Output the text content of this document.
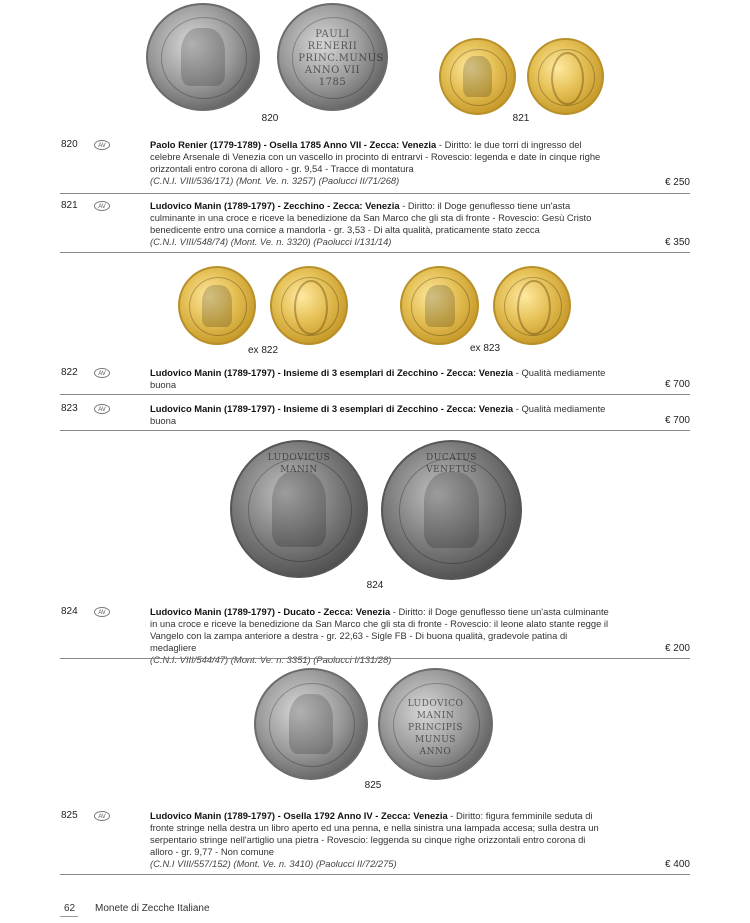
PAULI
RENERII
PRINC.MUNUS
ANNO VII
1785
820	821
820	AV	Paolo Renier (1779-1789) - Osella 1785 Anno VII - Zecca: Venezia - Diritto: le due torri di ingresso del celebre Arsenale di Venezia con un vascello in procinto di entrarvi - Rovescio: legenda e date in cinque righe orizzontali entro corona di alloro - gr. 9,54 - Tracce di montatura
(C.N.I. VIII/536/171) (Mont. Ve. n. 3257) (Paolucci II/71/268)	€ 250
821	AV	Ludovico Manin (1789-1797) - Zecchino - Zecca: Venezia - Diritto: il Doge genuflesso tiene un'asta culminante in una croce e riceve la benedizione da San Marco che gli sta di fronte - Rovescio: Gesù Cristo benedicente entro una cornice a mandorla - gr. 3,53 - Di alta qualità, praticamente stato zecca
(C.N.I. VIII/548/74) (Mont. Ve. n. 3320) (Paolucci I/131/14)	€ 350
ex 822	ex 823
822	AV	Ludovico Manin (1789-1797) - Insieme di 3 esemplari di Zecchino - Zecca: Venezia - Qualità mediamente buona	€ 700
823	AV	Ludovico Manin (1789-1797) - Insieme di 3 esemplari di Zecchino - Zecca: Venezia - Qualità mediamente buona	€ 700
LUDOVICUS MANIN
DUCATUS VENETUS
824
824	AV	Ludovico Manin (1789-1797) - Ducato - Zecca: Venezia - Diritto: il Doge genuflesso tiene un'asta culminante in una croce e riceve la benedizione da San Marco che gli sta di fronte - Rovescio: il leone alato stante regge il Vangelo con la zampa anteriore a destra - gr. 22,63 - Sigle FB - Di buona qualità, gradevole patina di medagliere
(C.N.I. VIII/544/47) (Mont. Ve. n. 3351) (Paolucci I/131/28)
€ 200
LUDOVICO
MANIN
PRINCIPIS
MUNUS ANNO
825
825	AV	Ludovico Manin (1789-1797) - Osella 1792 Anno IV - Zecca: Venezia - Diritto: figura femminile seduta di fronte stringe nella destra un libro aperto ed una penna, e nella sinistra una lampada accesa; sulla destra un serpentario stringe nell'artiglio una pietra - Rovescio: leggenda su cinque righe orizzontali entro corona di alloro - gr. 9,77 - Non comune
(C.N.I VIII/557/152) (Mont. Ve. n. 3410) (Paolucci II/72/275)	€ 400
62 Monete di Zecche Italiane
